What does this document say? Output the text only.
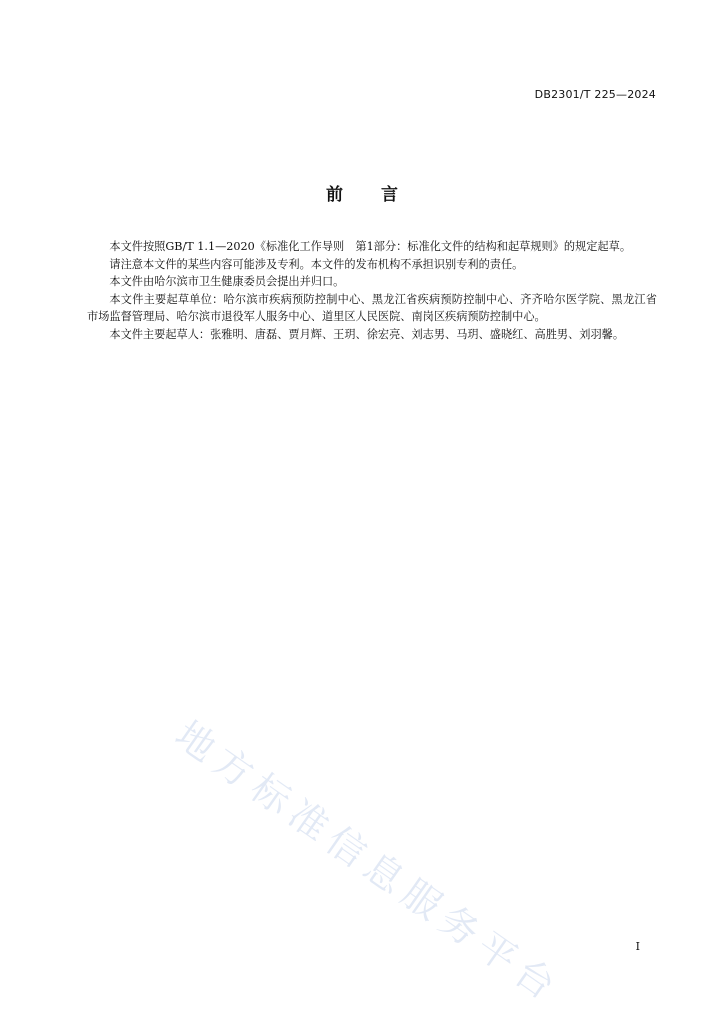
DB2301/T 225—2024
前言

本文件按照GB/T 1.1—2020《标准化工作导则　第1部分：标准化文件的结构和起草规则》的规定起草。

请注意本文件的某些内容可能涉及专利。本文件的发布机构不承担识别专利的责任。

本文件由哈尔滨市卫生健康委员会提出并归口。

本文件主要起草单位：哈尔滨市疾病预防控制中心、黑龙江省疾病预防控制中心、齐齐哈尔医学院、黑龙江省市场监督管理局、哈尔滨市退役军人服务中心、道里区人民医院、南岗区疾病预防控制中心。

本文件主要起草人：张雅明、唐磊、贾月辉、王玥、徐宏亮、刘志男、马玥、盛晓红、高胜男、刘羽馨。

地方标准信息服务平台	I
